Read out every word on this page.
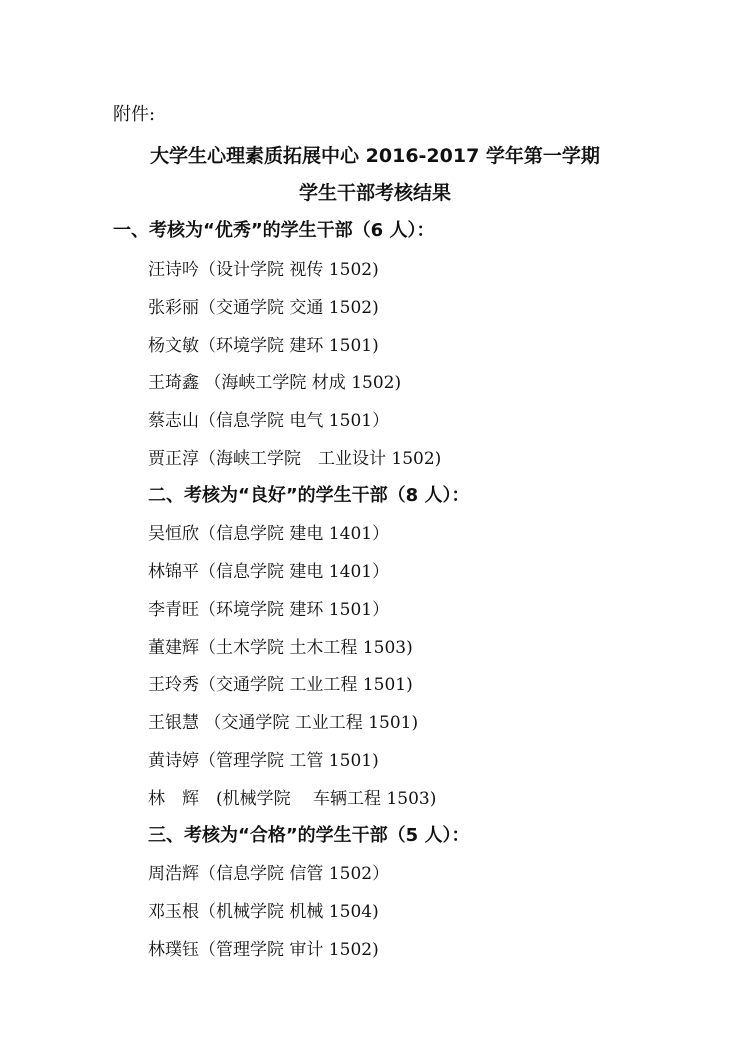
附件:
大学生心理素质拓展中心 2016-2017 学年第一学期
学生干部考核结果
一、考核为“优秀”的学生干部（6 人）：
汪诗吟（设计学院 视传 1502)
张彩丽（交通学院 交通 1502)
杨文敏（环境学院 建环 1501)
王琦鑫 （海峡工学院 材成 1502)
蔡志山（信息学院 电气 1501）
贾正淳（海峡工学院　工业设计 1502)
二、考核为“良好”的学生干部（8 人）：
吴恒欣（信息学院 建电 1401）
林锦平（信息学院 建电 1401）
李青旺（环境学院 建环 1501）
董建辉（土木学院 土木工程 1503)
王玲秀（交通学院 工业工程 1501)
王银慧 （交通学院 工业工程 1501)
黄诗婷（管理学院 工管 1501)
林　辉　(机械学院　 车辆工程 1503)
三、考核为“合格”的学生干部（5 人）：
周浩辉（信息学院 信管 1502）
邓玉根（机械学院 机械 1504)
林璞钰（管理学院 审计 1502)
